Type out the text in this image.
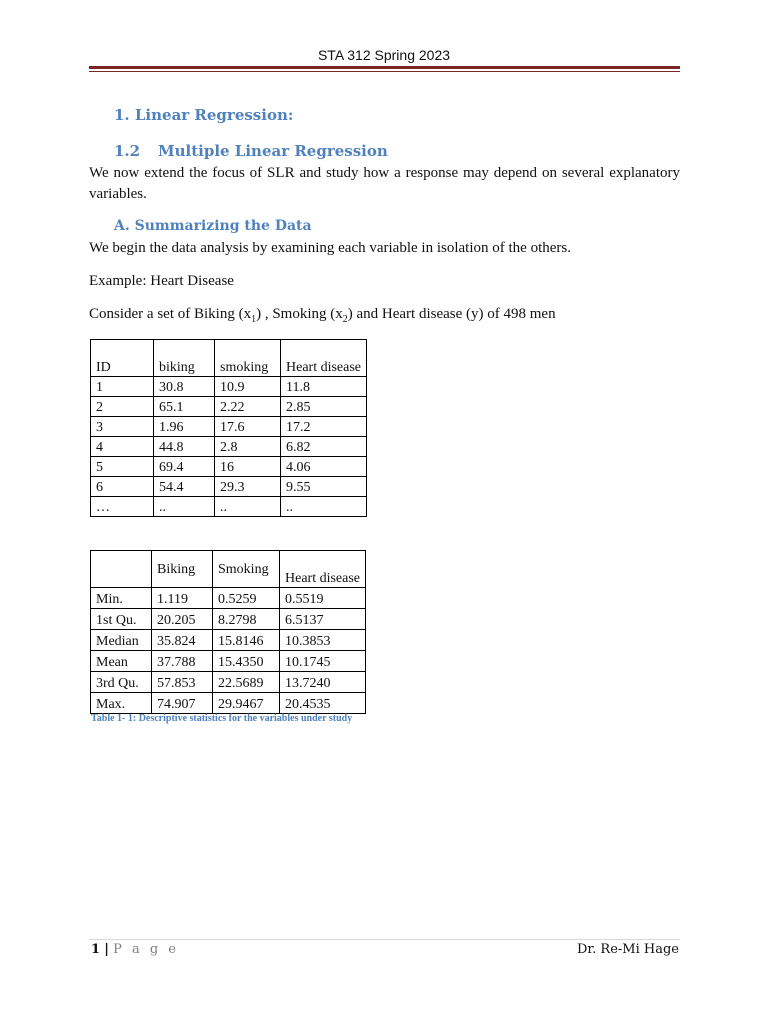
STA 312 Spring 2023
1. Linear Regression:
1.2 Multiple Linear Regression
We now extend the focus of SLR and study how a response may depend on several explanatory variables.
A. Summarizing the Data
We begin the data analysis by examining each variable in isolation of the others.
Example: Heart Disease
Consider a set of Biking $(x_1)$ , Smoking $(x_2)$ and Heart disease (y) of 498 men
ID	biking	smoking	Heart disease
1	30.8	10.9	11.8
2	65.1	2.22	2.85
3	1.96	17.6	17.2
4	44.8	2.8	6.82
5	69.4	16	4.06
6	54.4	29.3	9.55
…	..	..	..
	Biking	Smoking	Heart disease
Min.	1.119	0.5259	0.5519
1st Qu.	20.205	8.2798	6.5137
Median	35.824	15.8146	10.3853
Mean	37.788	15.4350	10.1745
3rd Qu.	57.853	22.5689	13.7240
Max.	74.907	29.9467	20.4535
Table 1- 1: Descriptive statistics for the variables under study
1 | P a g e	Dr. Re-Mi Hage
